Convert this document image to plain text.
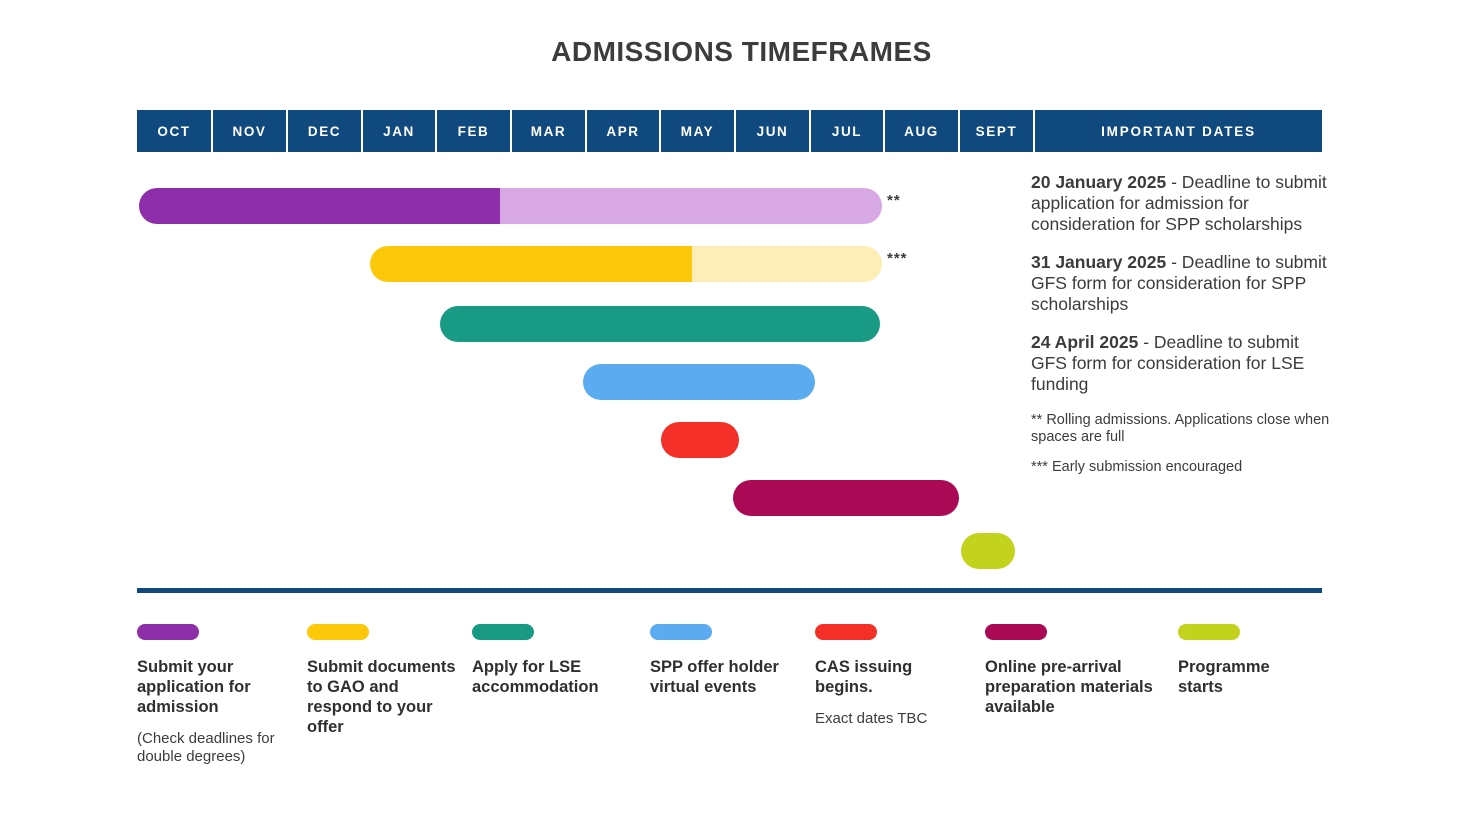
ADMISSIONS TIMEFRAMES
OCT	NOV	DEC	JAN	FEB	MAR	APR	MAY	JUN	JUL	AUG	SEPT	IMPORTANT DATES
**
***
20 January 2025 - Deadline to submit application for admission for consideration for SPP scholarships
31 January 2025 - Deadline to submit GFS form for consideration for SPP scholarships
24 April 2025 - Deadline to submit GFS form for consideration for LSE funding
** Rolling admissions. Applications close when spaces are full
*** Early submission encouraged
Submit your application for admission
(Check deadlines for double degrees)
Submit documents to GAO and respond to your offer
Apply for LSE accommodation
SPP offer holder virtual events
CAS issuing begins.
Exact dates TBC
Online pre-arrival preparation materials available
Programme starts
